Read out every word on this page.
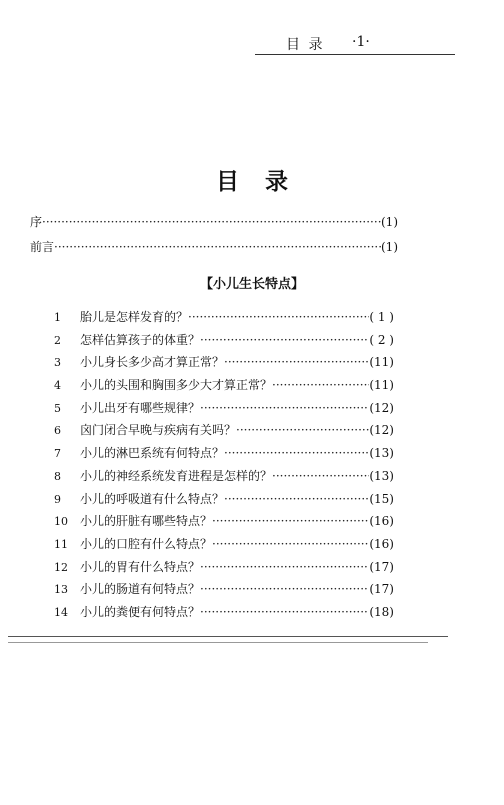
目 录 ·1·
目录
序 ·····	(1)
前言 ·····	(1)
【小儿生长特点】
1	胎儿是怎样发育的？ ·····	( 1 )
2	怎样估算孩子的体重？ ·····	( 2 )
3	小儿身长多少高才算正常？ ·····	(11)
4	小儿的头围和胸围多少大才算正常？ ·····	(11)
5	小儿出牙有哪些规律？ ·····	(12)
6	囟门闭合早晚与疾病有关吗？ ·····	(12)
7	小儿的淋巴系统有何特点？ ·····	(13)
8	小儿的神经系统发育进程是怎样的？ ·····	(13)
9	小儿的呼吸道有什么特点？ ·····	(15)
10	小儿的肝脏有哪些特点？ ·····	(16)
11	小儿的口腔有什么特点？ ·····	(16)
12	小儿的胃有什么特点？ ·····	(17)
13	小儿的肠道有何特点？ ·····	(17)
14	小儿的粪便有何特点？ ·····	(18)
